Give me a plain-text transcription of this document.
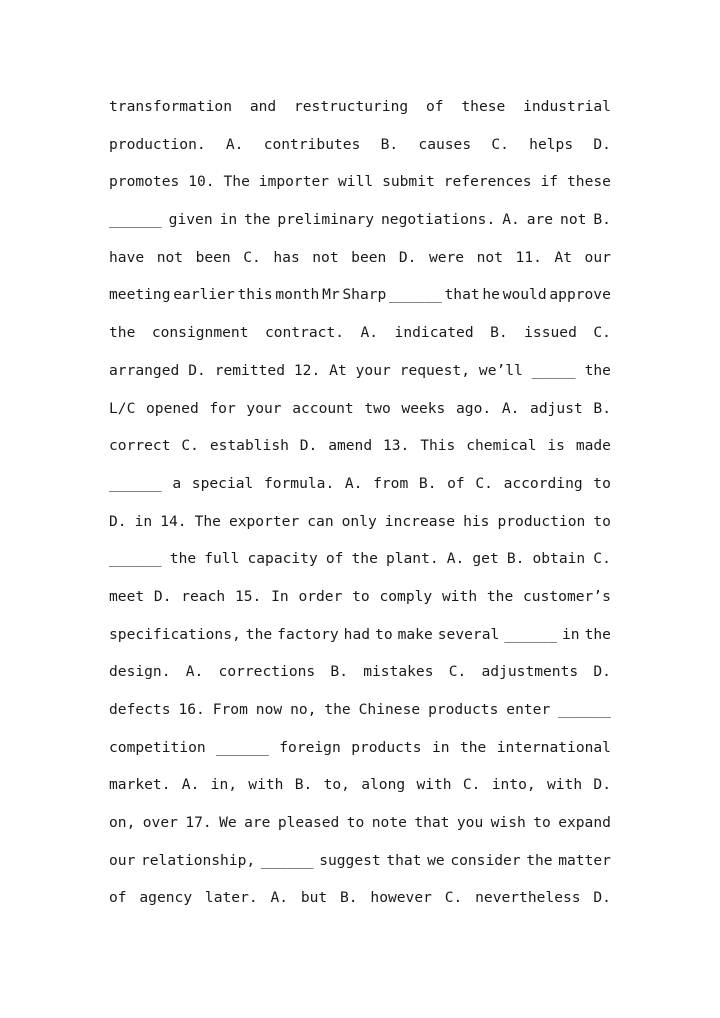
transformation and restructuring of these industrial
production. A. contributes B. causes C. helps D.
promotes 10. The importer will submit references if these
______ given in the preliminary negotiations. A. are not B.
have not been C. has not been D. were not 11. At our
meeting earlier this month Mr Sharp ______ that he would approve
the consignment contract. A. indicated B. issued C.
arranged D. remitted 12. At your request, we’ll _____ the
L/C opened for your account two weeks ago. A. adjust B.
correct C. establish D. amend 13. This chemical is made
______ a special formula. A. from B. of C. according to
D. in 14. The exporter can only increase his production to
______ the full capacity of the plant. A. get B. obtain C.
meet D. reach 15. In order to comply with the customer’s
specifications, the factory had to make several ______ in the
design. A. corrections B. mistakes C. adjustments D.
defects 16. From now no, the Chinese products enter ______
competition ______ foreign products in the international
market. A. in, with B. to, along with C. into, with D.
on, over 17. We are pleased to note that you wish to expand
our relationship, ______ suggest that we consider the matter
of agency later. A. but B. however C. nevertheless D.
